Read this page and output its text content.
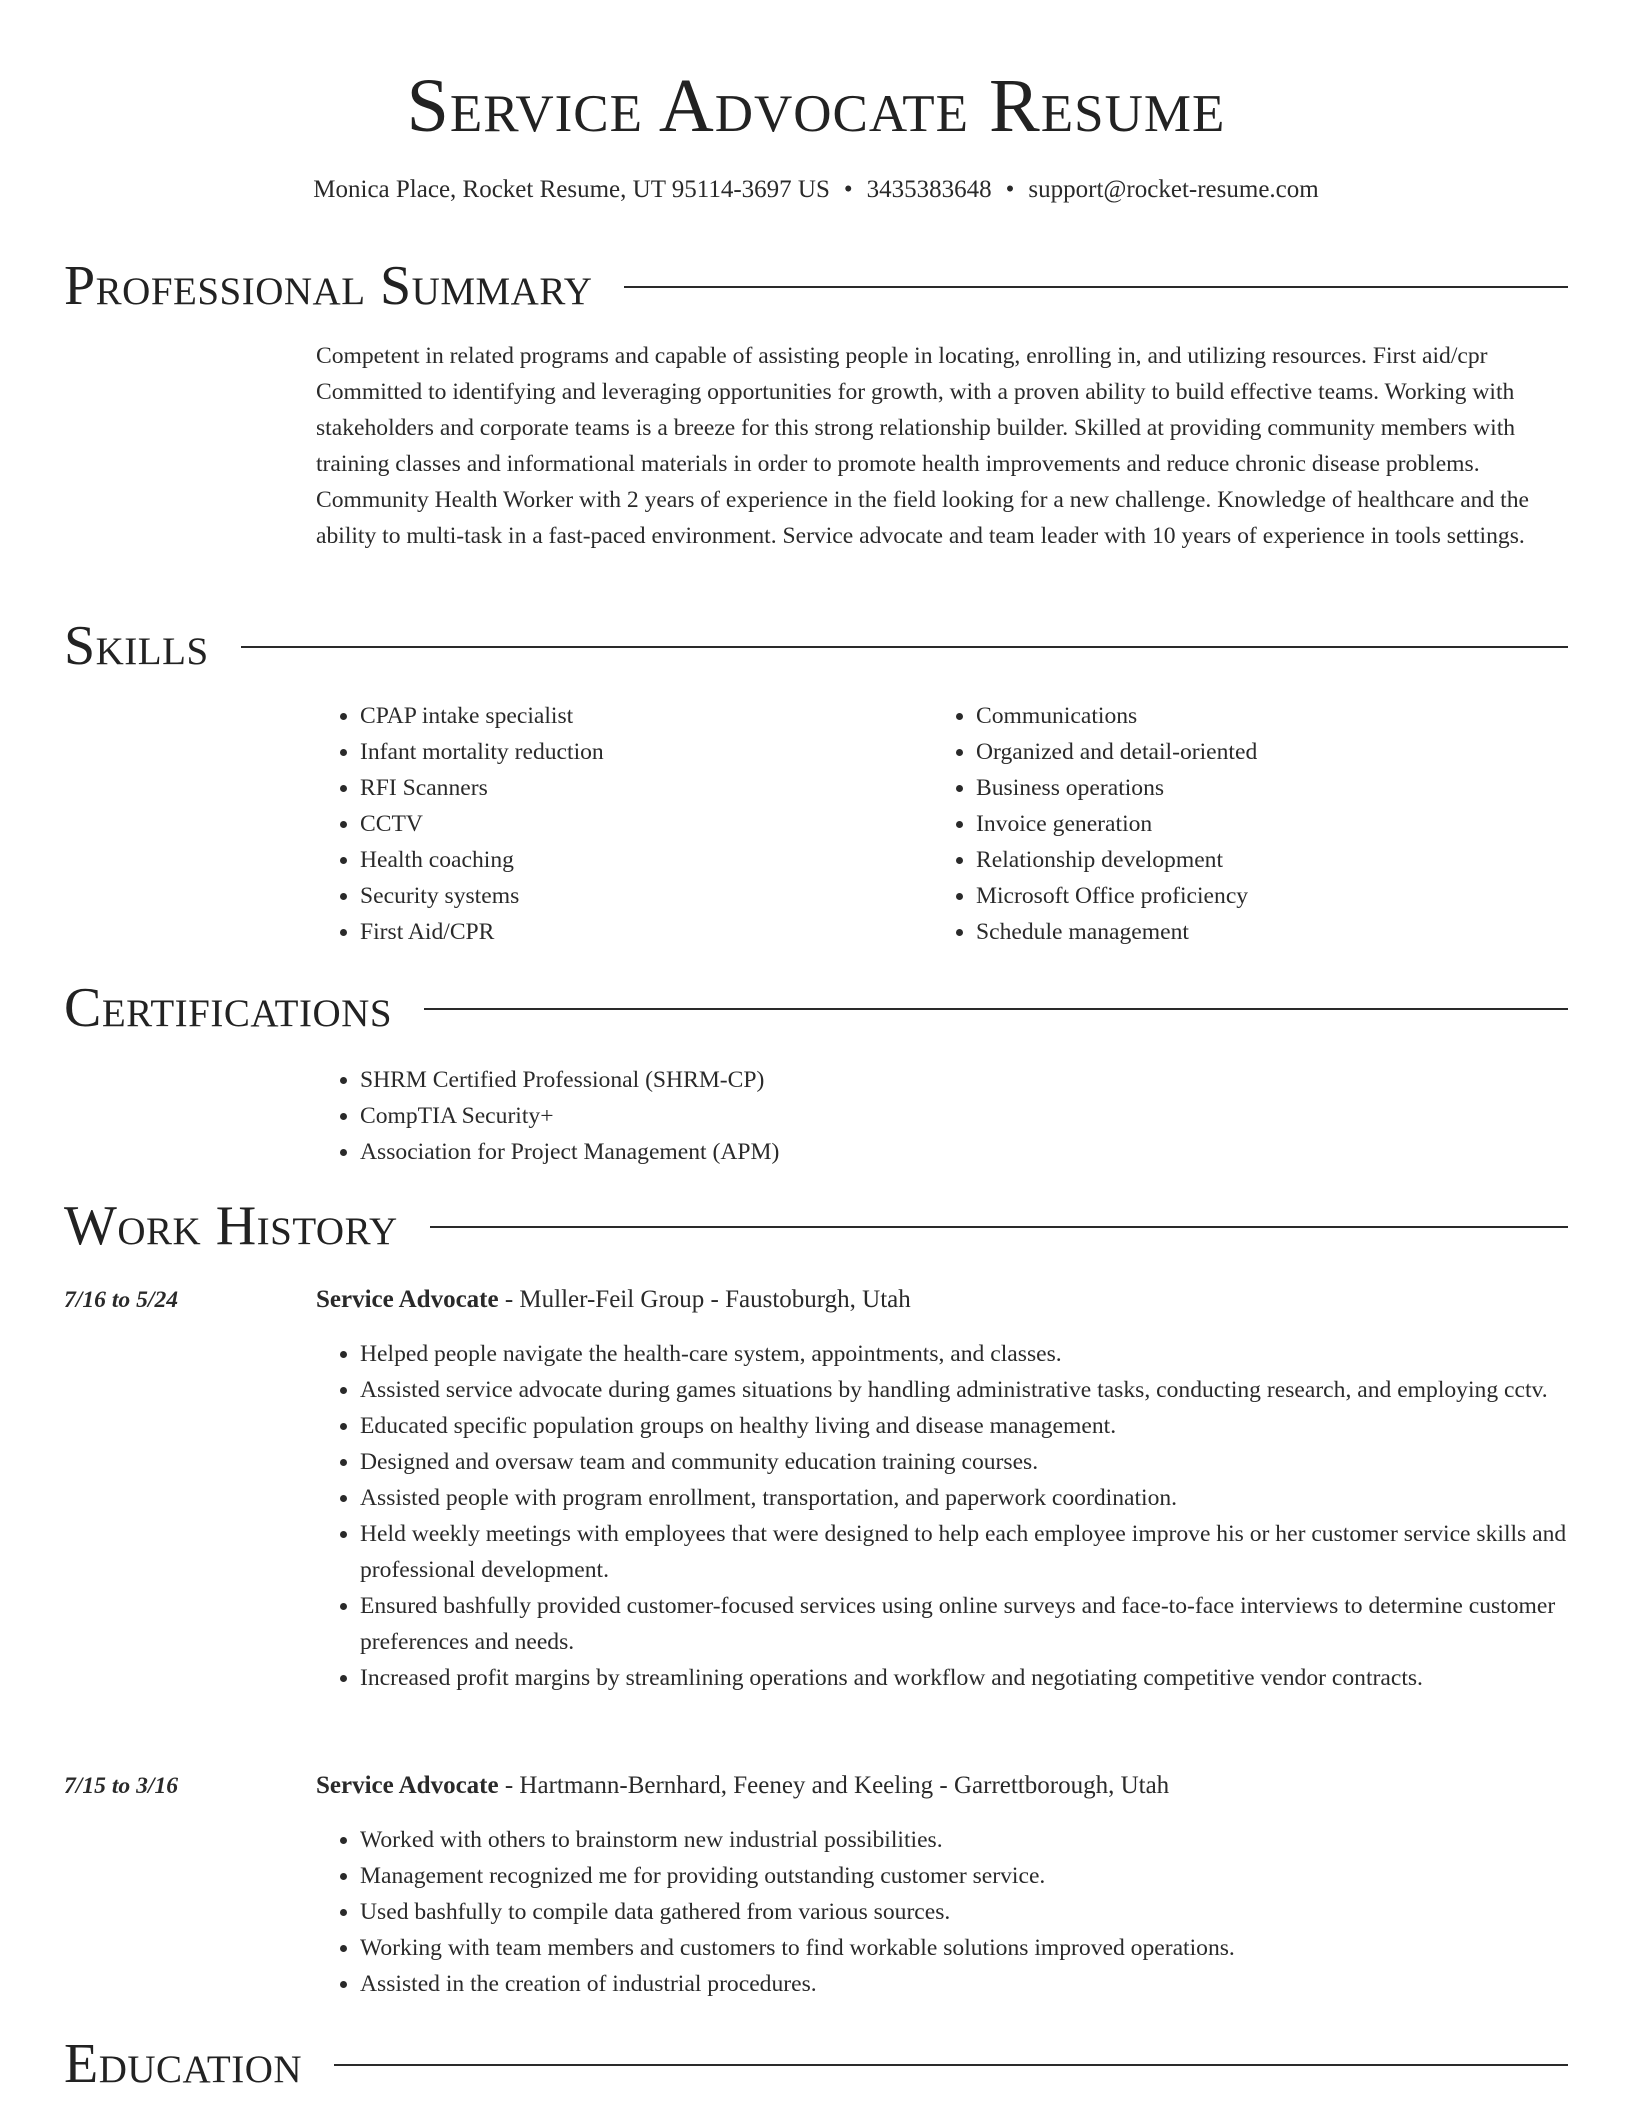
Service Advocate Resume
Monica Place, Rocket Resume, UT 95114-3697 US • 3435383648 • support@rocket-resume.com
Professional Summary

Competent in related programs and capable of assisting people in locating, enrolling in, and utilizing resources. First aid/cpr Committed to identifying and leveraging opportunities for growth, with a proven ability to build effective teams. Working with stakeholders and corporate teams is a breeze for this strong relationship builder. Skilled at providing community members with training classes and informational materials in order to promote health improvements and reduce chronic disease problems. Community Health Worker with 2 years of experience in the field looking for a new challenge. Knowledge of healthcare and the ability to multi-task in a fast-paced environment. Service advocate and team leader with 10 years of experience in tools settings.

Skills
• CPAP intake specialist
• Infant mortality reduction
• RFI Scanners
• CCTV
• Health coaching
• Security systems
• First Aid/CPR
• Communications
• Organized and detail-oriented
• Business operations
• Invoice generation
• Relationship development
• Microsoft Office proficiency
• Schedule management
Certifications
• SHRM Certified Professional (SHRM-CP)
• CompTIA Security+
• Association for Project Management (APM)
Work History
7/16 to 5/24	Service Advocate - Muller-Feil Group - Faustoburgh, Utah
• Helped people navigate the health-care system, appointments, and classes.
• Assisted service advocate during games situations by handling administrative tasks, conducting research, and employing cctv.
• Educated specific population groups on healthy living and disease management.
• Designed and oversaw team and community education training courses.
• Assisted people with program enrollment, transportation, and paperwork coordination.
• Held weekly meetings with employees that were designed to help each employee improve his or her customer service skills and professional development.
• Ensured bashfully provided customer-focused services using online surveys and face-to-face interviews to determine customer preferences and needs.
• Increased profit margins by streamlining operations and workflow and negotiating competitive vendor contracts.
7/15 to 3/16	Service Advocate - Hartmann-Bernhard, Feeney and Keeling - Garrettborough, Utah
• Worked with others to brainstorm new industrial possibilities.
• Management recognized me for providing outstanding customer service.
• Used bashfully to compile data gathered from various sources.
• Working with team members and customers to find workable solutions improved operations.
• Assisted in the creation of industrial procedures.
Education
